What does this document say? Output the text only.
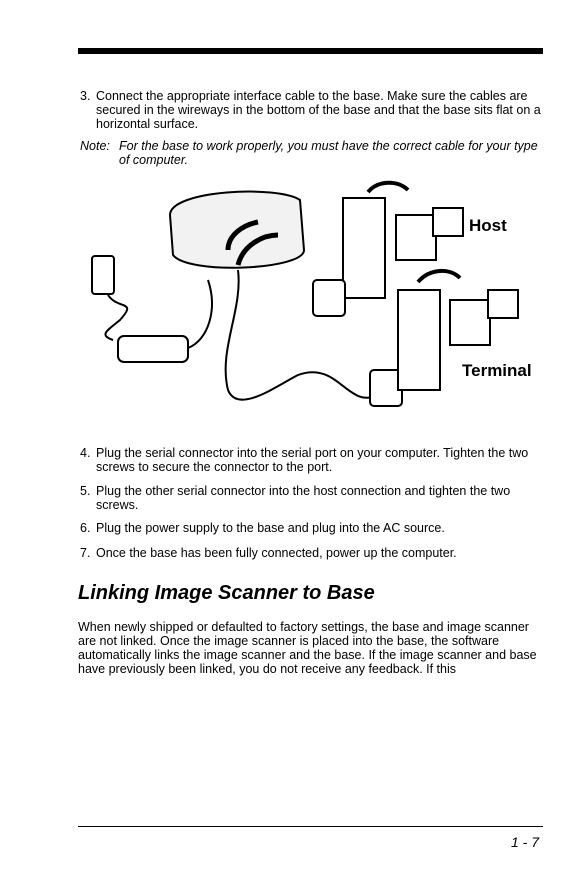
3. Connect the appropriate interface cable to the base. Make sure the cables are secured in the wireways in the bottom of the base and that the base sits flat on a horizontal surface.
Note: For the base to work properly, you must have the correct cable for your type of computer.
Host
Terminal
4. Plug the serial connector into the serial port on your computer. Tighten the two screws to secure the connector to the port.
5. Plug the other serial connector into the host connection and tighten the two screws.
6. Plug the power supply to the base and plug into the AC source.
7. Once the base has been fully connected, power up the computer.
Linking Image Scanner to Base
When newly shipped or defaulted to factory settings, the base and image scanner are not linked. Once the image scanner is placed into the base, the software automatically links the image scanner and the base. If the image scanner and base have previously been linked, you do not receive any feedback. If this
1 - 7
